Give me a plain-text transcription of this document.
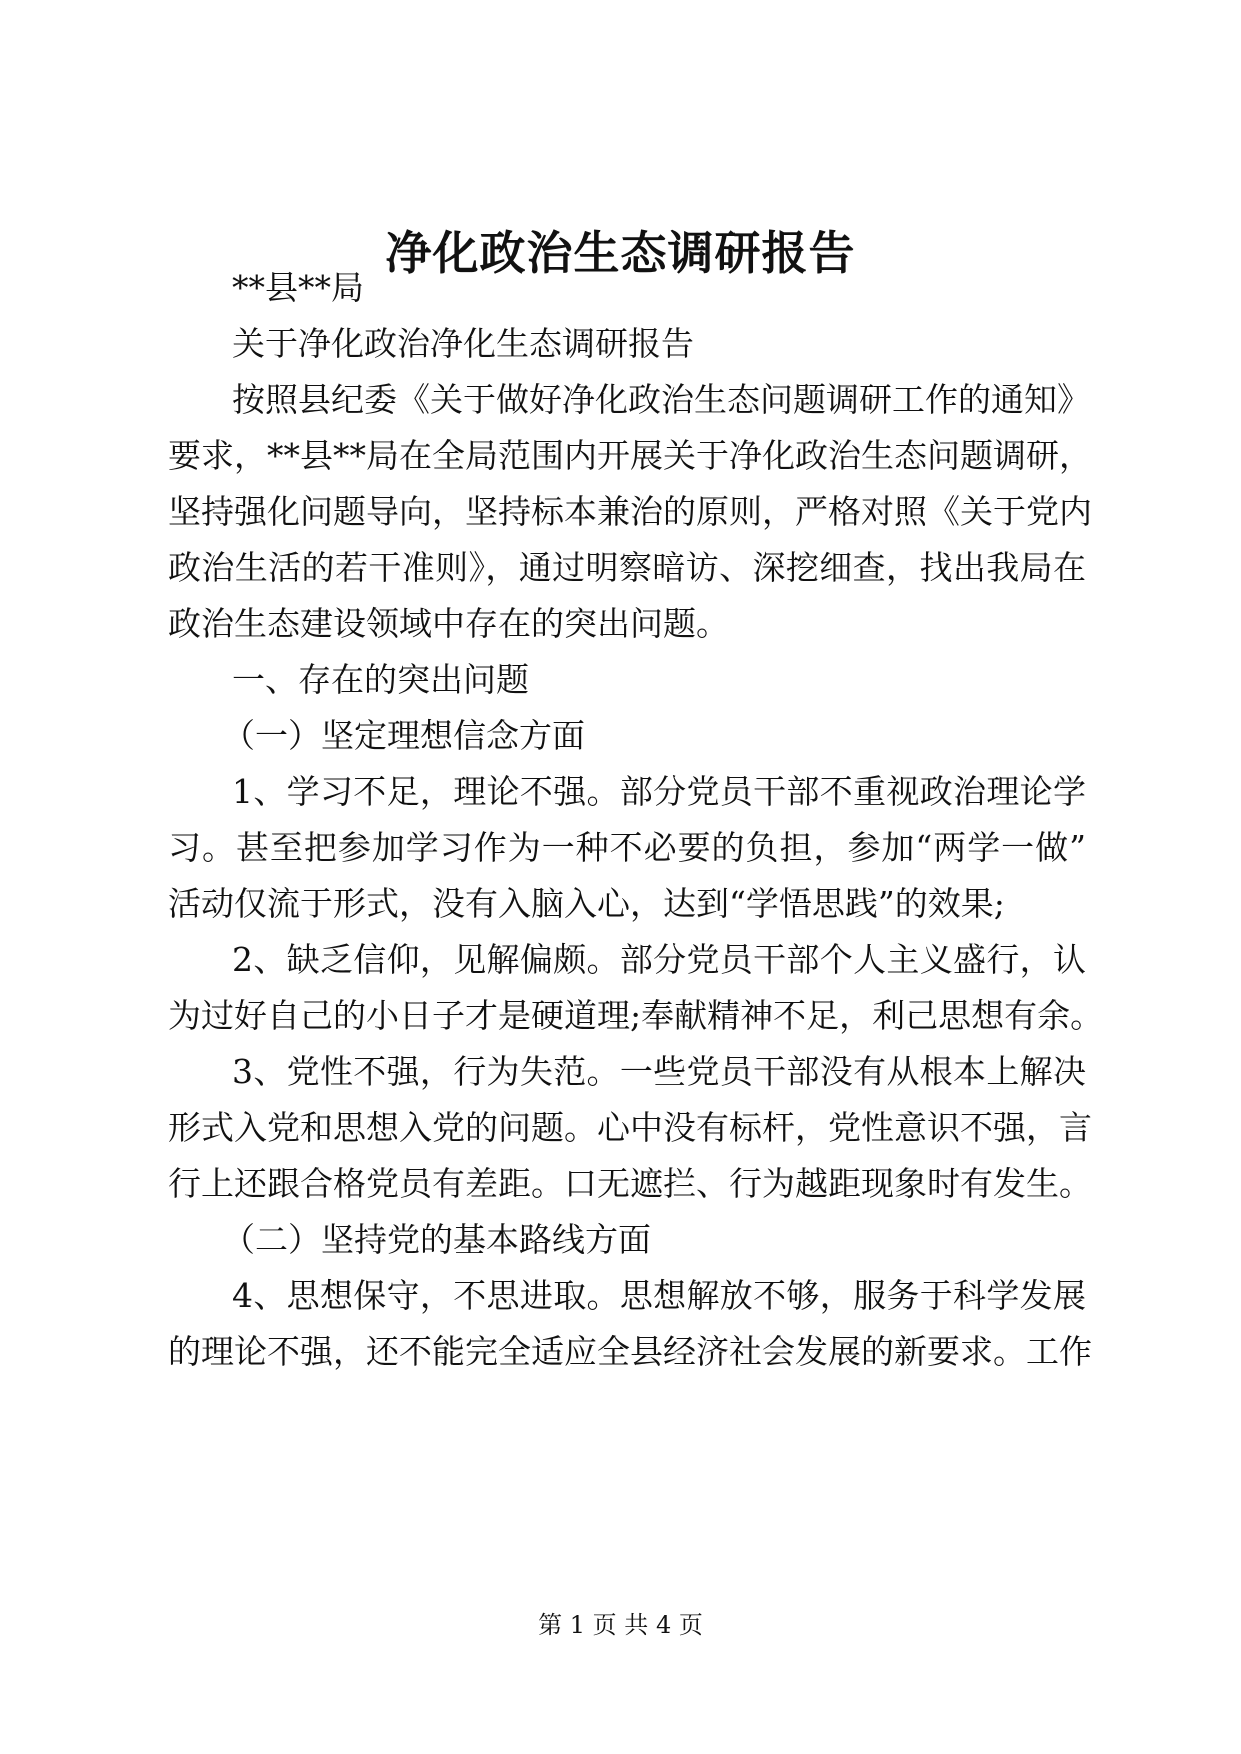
净化政治生态调研报告
**县**局
关于净化政治净化生态调研报告
按照县纪委《关于做好净化政治生态问题调研工作的通知》
要求，**县**局在全局范围内开展关于净化政治生态问题调研，
坚持强化问题导向，坚持标本兼治的原则，严格对照《关于党内
政治生活的若干准则》，通过明察暗访、深挖细查，找出我局在
政治生态建设领域中存在的突出问题。
一、存在的突出问题
（一）坚定理想信念方面
1、学习不足，理论不强。部分党员干部不重视政治理论学
习。甚至把参加学习作为一种不必要的负担，参加“两学一做”
活动仅流于形式，没有入脑入心，达到“学悟思践”的效果;
2、缺乏信仰，见解偏颇。部分党员干部个人主义盛行，认
为过好自己的小日子才是硬道理;奉献精神不足，利己思想有余。
3、党性不强，行为失范。一些党员干部没有从根本上解决
形式入党和思想入党的问题。心中没有标杆，党性意识不强，言
行上还跟合格党员有差距。口无遮拦、行为越距现象时有发生。
（二）坚持党的基本路线方面
4、思想保守，不思进取。思想解放不够，服务于科学发展
的理论不强，还不能完全适应全县经济社会发展的新要求。工作
第 1 页 共 4 页
